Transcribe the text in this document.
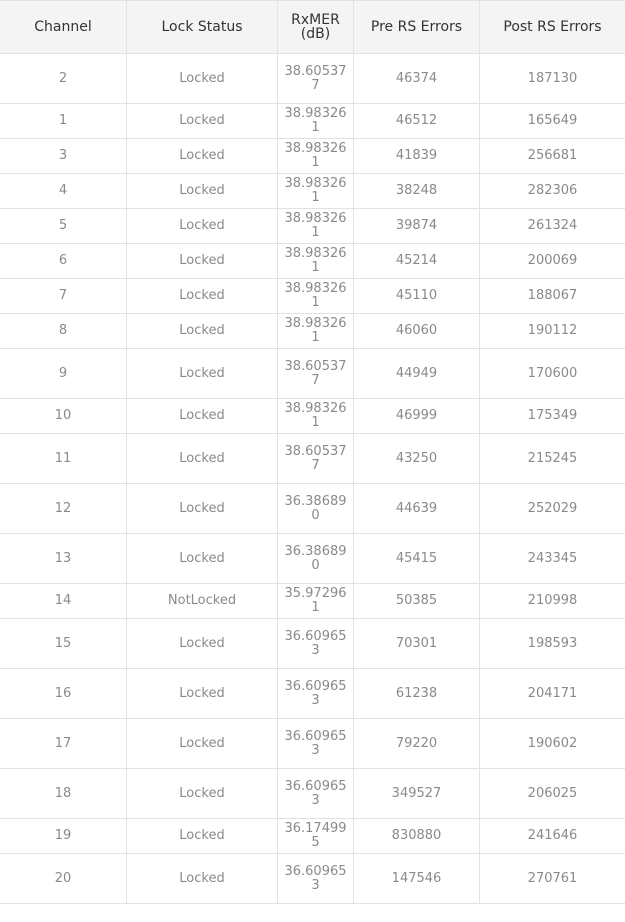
Channel	Lock Status	RxMER (dB)	Pre RS Errors	Post RS Errors
2	Locked	38.605377	46374	187130
1	Locked	38.983261	46512	165649
3	Locked	38.983261	41839	256681
4	Locked	38.983261	38248	282306
5	Locked	38.983261	39874	261324
6	Locked	38.983261	45214	200069
7	Locked	38.983261	45110	188067
8	Locked	38.983261	46060	190112
9	Locked	38.605377	44949	170600
10	Locked	38.983261	46999	175349
11	Locked	38.605377	43250	215245
12	Locked	36.386890	44639	252029
13	Locked	36.386890	45415	243345
14	NotLocked	35.972961	50385	210998
15	Locked	36.609653	70301	198593
16	Locked	36.609653	61238	204171
17	Locked	36.609653	79220	190602
18	Locked	36.609653	349527	206025
19	Locked	36.174995	830880	241646
20	Locked	36.609653	147546	270761
